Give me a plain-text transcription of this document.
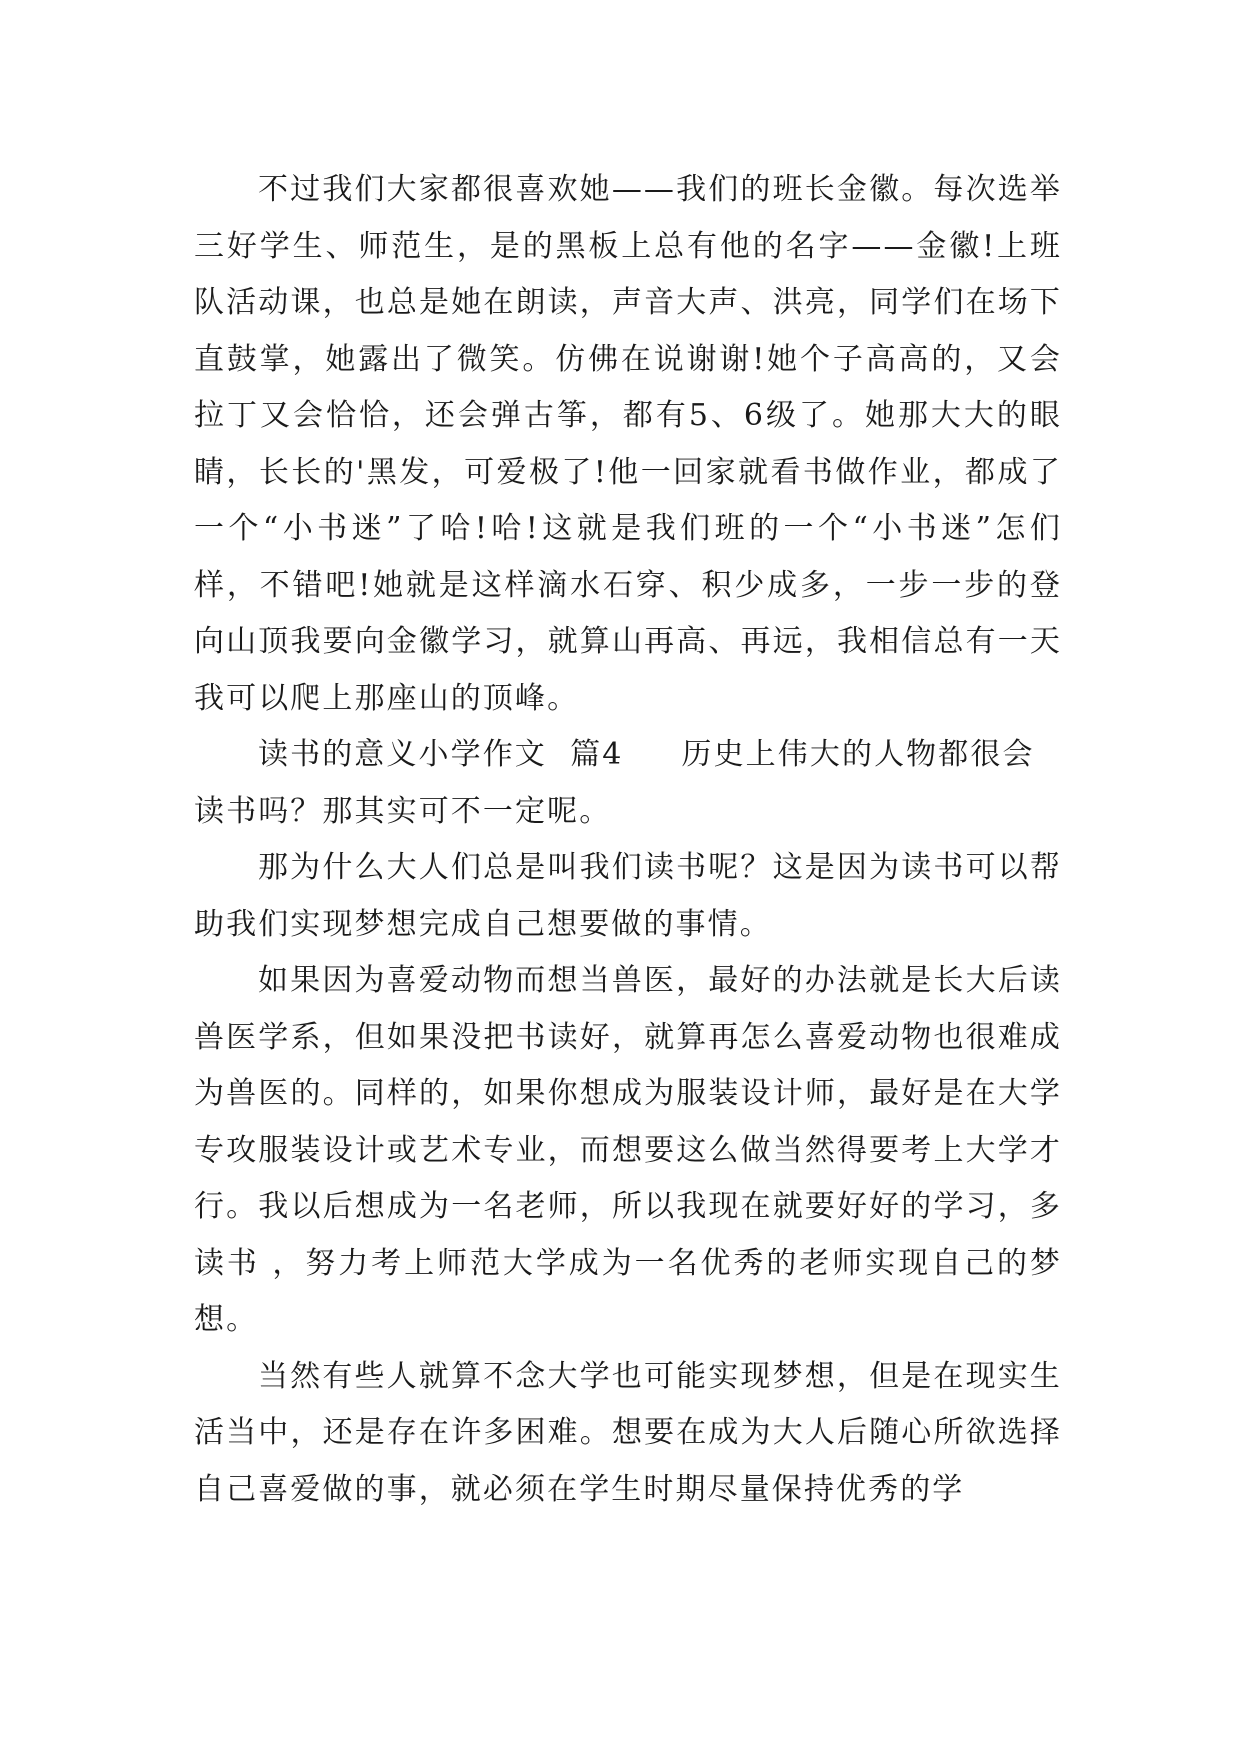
不过我们大家都很喜欢她——我们的班长金徽。每次选举三好学生、师范生，是的黑板上总有他的名字——金徽!上班队活动课，也总是她在朗读，声音大声、洪亮，同学们在场下直鼓掌，她露出了微笑。仿佛在说谢谢!她个子高高的，又会拉丁又会恰恰，还会弹古筝，都有5、6级了。她那大大的眼睛，长长的'黑发，可爱极了!他一回家就看书做作业，都成了一个“小书迷”了哈!哈!这就是我们班的一个“小书迷”怎们样，不错吧!她就是这样滴水石穿、积少成多，一步一步的登向山顶我要向金徽学习，就算山再高、再远，我相信总有一天我可以爬上那座山的顶峰。

读书的意义小学作文  篇4 历史上伟大的人物都很会读书吗？那其实可不一定呢。

那为什么大人们总是叫我们读书呢？这是因为读书可以帮助我们实现梦想完成自己想要做的事情。

如果因为喜爱动物而想当兽医，最好的办法就是长大后读兽医学系，但如果没把书读好，就算再怎么喜爱动物也很难成为兽医的。同样的，如果你想成为服装设计师，最好是在大学专攻服装设计或艺术专业，而想要这么做当然得要考上大学才行。我以后想成为一名老师，所以我现在就要好好的学习，多读书 ，努力考上师范大学成为一名优秀的老师实现自己的梦想。

当然有些人就算不念大学也可能实现梦想，但是在现实生活当中，还是存在许多困难。想要在成为大人后随心所欲选择自己喜爱做的事，就必须在学生时期尽量保持优秀的学
